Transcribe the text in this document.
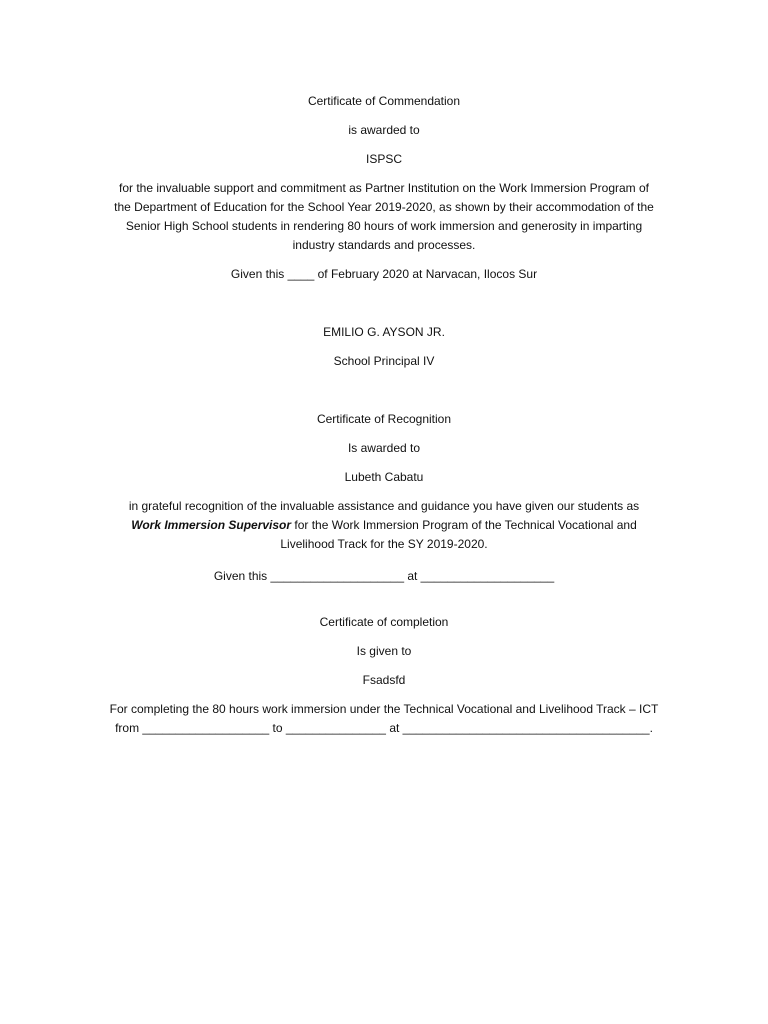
Certificate of Commendation
is awarded to
ISPSC
for the invaluable support and commitment as Partner Institution on the Work Immersion Program of
the Department of Education for the School Year 2019-2020, as shown by their accommodation of the
Senior High School students in rendering 80 hours of work immersion and generosity in imparting
industry standards and processes.
Given this ____ of February 2020 at Narvacan, Ilocos Sur
EMILIO G. AYSON JR.
School Principal IV
Certificate of Recognition
Is awarded to
Lubeth Cabatu
in grateful recognition of the invaluable assistance and guidance you have given our students as
Work Immersion Supervisor for the Work Immersion Program of the Technical Vocational and
Livelihood Track for the SY 2019-2020.
Given this ____________________ at ____________________
Certificate of completion
Is given to
Fsadsfd
For completing the 80 hours work immersion under the Technical Vocational and Livelihood Track – ICT
from ___________________ to _______________ at _____________________________________.
